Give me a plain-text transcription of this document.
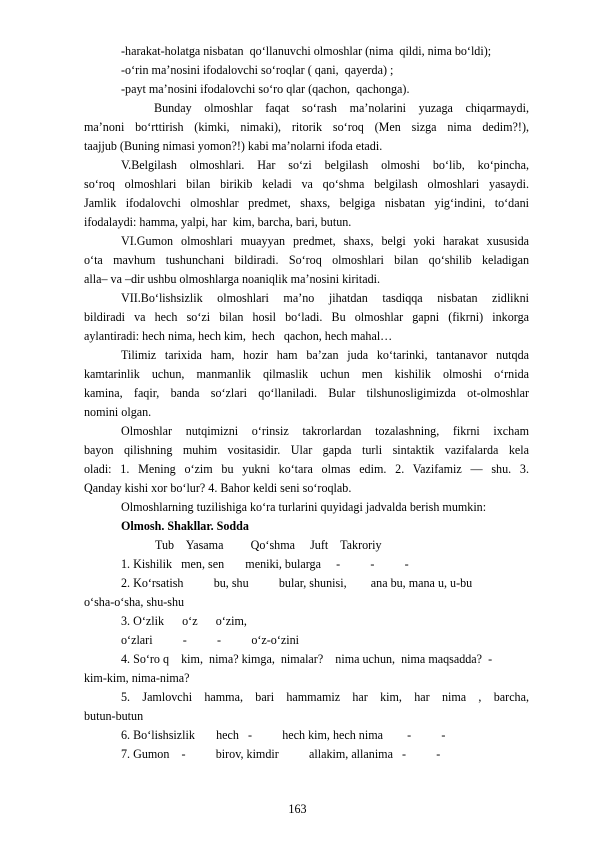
-harakat-holatga nisbatan  qo‘llanuvchi olmoshlar (nima  qildi, nima bo‘ldi);
-o‘rin ma’nosini ifodalovchi so‘roqlar ( qani,  qayerda) ;
-payt ma’nosini ifodalovchi so‘ro qlar (qachon,  qachonga).
Bunday olmoshlar faqat so‘rash ma’nolarini yuzaga chiqarmaydi,
ma’noni bo‘rttirish (kimki, nimaki), ritorik so‘roq (Men sizga nima dedim?!),
taajjub (Buning nimasi yomon?!) kabi ma’nolarni ifoda etadi.
V.Belgilash olmoshlari. Har so‘zi belgilash olmoshi bo‘lib, ko‘pincha,
so‘roq olmoshlari bilan birikib keladi va qo‘shma belgilash olmoshlari yasaydi.
Jamlik ifodalovchi olmoshlar predmet, shaxs, belgiga nisbatan yig‘indini, to‘dani
ifodalaydi: hamma, yalpi, har  kim, barcha, bari, butun.
VI.Gumon olmoshlari muayyan predmet, shaxs, belgi yoki harakat xususida
o‘ta mavhum tushunchani bildiradi. So‘roq olmoshlari bilan qo‘shilib keladigan
alla– va –dir ushbu olmoshlarga noaniqlik ma’nosini kiritadi.
VII.Bo‘lishsizlik olmoshlari ma’no jihatdan tasdiqqa nisbatan zidlikni
bildiradi va hech so‘zi bilan hosil bo‘ladi. Bu olmoshlar gapni (fikrni) inkorga
aylantiradi: hech nima, hech kim,  hech   qachon, hech mahal…
Tilimiz tarixida ham, hozir ham ba’zan juda ko‘tarinki, tantanavor nutqda
kamtarinlik uchun, manmanlik qilmaslik uchun men kishilik olmoshi o‘rnida
kamina, faqir, banda so‘zlari qo‘llaniladi. Bular tilshunosligimizda ot-olmoshlar
nomini olgan.
Olmoshlar nutqimizni o‘rinsiz takrorlardan tozalashning, fikrni ixcham
bayon qilishning muhim vositasidir. Ular gapda turli sintaktik vazifalarda kela
oladi: 1. Mening o‘zim bu yukni ko‘tara olmas edim. 2. Vazifamiz — shu. 3.
Qanday kishi xor bo‘lur? 4. Bahor keldi seni so‘roqlab.
Olmoshlarning tuzilishiga ko‘ra turlarini quyidagi jadvalda berish mumkin:
Olmosh. Shakllar. Sodda
Tub    Yasama         Qo‘shma     Juft    Takroriy
1. Kishilik   men, sen       meniki, bularga     -          -          -
2. Ko‘rsatish          bu, shu          bular, shunisi,        ana bu, mana u, u-bu
o‘sha-o‘sha, shu-shu
3. O‘zlik      o‘z      o‘zim,
o‘zlari          -          -          o‘z-o‘zini
4. So‘ro q    kim,  nima? kimga,  nimalar?    nima uchun,  nima maqsadda?  -
kim-kim, nima-nima?
5. Jamlovchi hamma, bari hammamiz har kim, har nima , barcha,
butun-butun
6. Bo‘lishsizlik       hech   -          hech kim, hech nima        -          -
7. Gumon    -          birov, kimdir          allakim, allanima   -          -
163
